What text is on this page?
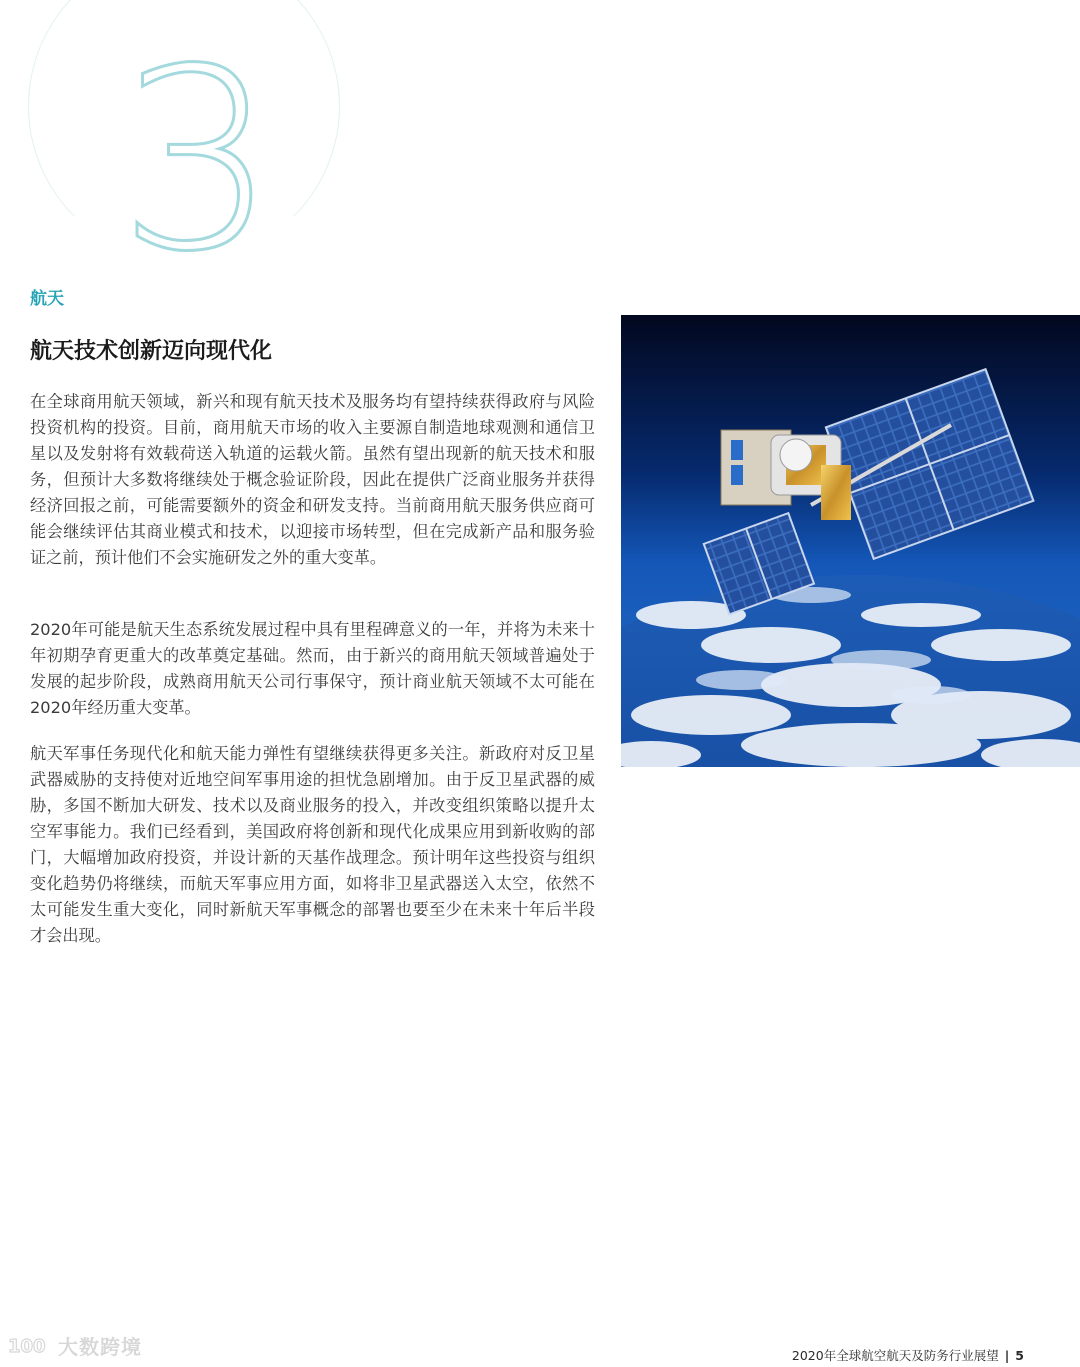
3
航天
航天技术创新迈向现代化

在全球商用航天领域，新兴和现有航天技术及服务均有望持续获得政府与风险投资机构的投资。目前，商用航天市场的收入主要源自制造地球观测和通信卫星以及发射将有效载荷送入轨道的运载火箭。虽然有望出现新的航天技术和服务，但预计大多数将继续处于概念验证阶段，因此在提供广泛商业服务并获得经济回报之前，可能需要额外的资金和研发支持。当前商用航天服务供应商可能会继续评估其商业模式和技术，以迎接市场转型，但在完成新产品和服务验证之前，预计他们不会实施研发之外的重大变革。

2020年可能是航天生态系统发展过程中具有里程碑意义的一年，并将为未来十年初期孕育更重大的改革奠定基础。然而，由于新兴的商用航天领域普遍处于发展的起步阶段，成熟商用航天公司行事保守，预计商业航天领域不太可能在2020年经历重大变革。

航天军事任务现代化和航天能力弹性有望继续获得更多关注。新政府对反卫星武器威胁的支持使对近地空间军事用途的担忧急剧增加。由于反卫星武器的威胁，多国不断加大研发、技术以及商业服务的投入，并改变组织策略以提升太空军事能力。我们已经看到，美国政府将创新和现代化成果应用到新收购的部门，大幅增加政府投资，并设计新的天基作战理念。预计明年这些投资与组织变化趋势仍将继续，而航天军事应用方面，如将非卫星武器送入太空，依然不太可能发生重大变化，同时新航天军事概念的部署也要至少在未来十年后半段才会出现。

100 大数跨境	2020年全球航空航天及防务行业展望 | 5
